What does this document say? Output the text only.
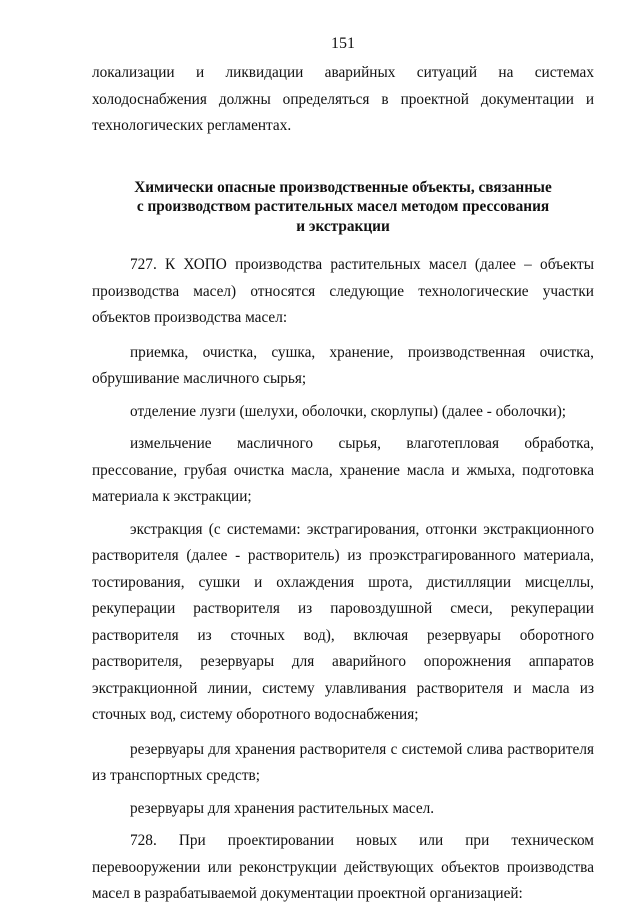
151

локализации и ликвидации аварийных ситуаций на системах холодоснабжения должны определяться в проектной документации и технологических регламентах.

Химически опасные производственные объекты, связанные
с производством растительных масел методом прессования
и экстракции

727. К ХОПО производства растительных масел (далее – объекты производства масел) относятся следующие технологические участки объектов производства масел:

приемка, очистка, сушка, хранение, производственная очистка, обрушивание масличного сырья;

отделение лузги (шелухи, оболочки, скорлупы) (далее - оболочки);

измельчение масличного сырья, влаготепловая обработка, прессование, грубая очистка масла, хранение масла и жмыха, подготовка материала к экстракции;

экстракция (с системами: экстрагирования, отгонки экстракционного растворителя (далее - растворитель) из проэкстрагированного материала, тостирования, сушки и охлаждения шрота, дистилляции мисцеллы, рекуперации растворителя из паровоздушной смеси, рекуперации растворителя из сточных вод), включая резервуары оборотного растворителя, резервуары для аварийного опорожнения аппаратов экстракционной линии, систему улавливания растворителя и масла из сточных вод, систему оборотного водоснабжения;

резервуары для хранения растворителя с системой слива растворителя из транспортных средств;

резервуары для хранения растительных масел.

728. При проектировании новых или при техническом перевооружении или реконструкции действующих объектов производства масел в разрабатываемой документации проектной организацией:
